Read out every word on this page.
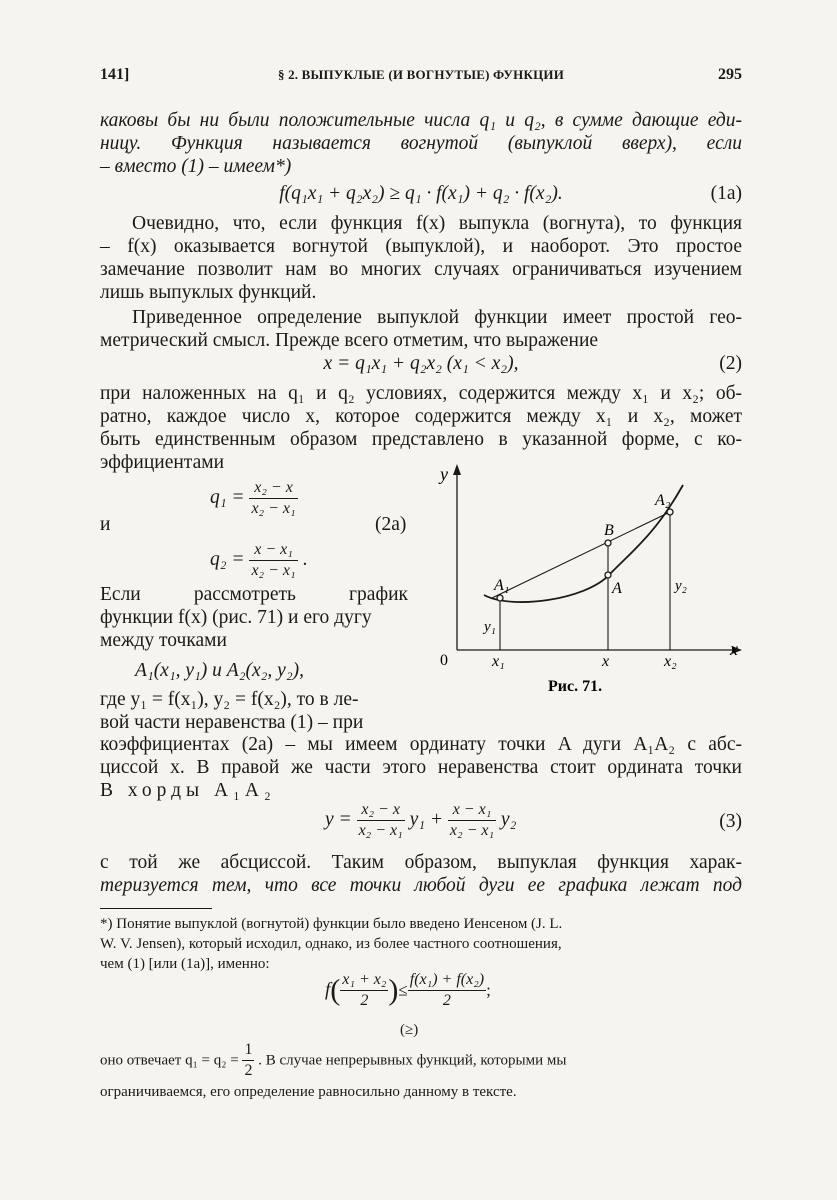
141]	§ 2. ВЫПУКЛЫЕ (И ВОГНУТЫЕ) ФУНКЦИИ	295
каковы бы ни были положительные числа q₁ и q₂, в сумме дающие еди-
ницу. Функция называется вогнутой (выпуклой вверх), если
– вместо (1) – имеем*)
f(q₁x₁ + q₂x₂) ≥ q₁ · f(x₁) + q₂ · f(x₂).	(1a)
Очевидно, что, если функция f(x) выпукла (вогнута), то функция
– f(x) оказывается вогнутой (выпуклой), и наоборот. Это простое
замечание позволит нам во многих случаях ограничиваться изучением
лишь выпуклых функций.
Приведенное определение выпуклой функции имеет простой гео-
метрический смысл. Прежде всего отметим, что выражение
x = q₁x₁ + q₂x₂ (x₁ < x₂),	(2)
при наложенных на q₁ и q₂ условиях, содержится между x₁ и x₂; об-
ратно, каждое число x, которое содержится между x₁ и x₂, может
быть единственным образом представлено в указанной форме, с ко-
эффициентами
$q_1 = \frac{\text{x₂ − x}}{\text{x₂ − x₁}}$
и	(2a)
$q_2 = \frac{\text{x − x₁}}{\text{x₂ − x₁}}$ .
Если рассмотреть график
функции f(x) (рис. 71) и его дугу
между точками
A₁(x₁, y₁) и A₂(x₂, y₂),
где y₁ = f(x₁), y₂ = f(x₂), то в ле-
вой части неравенства (1) – при
коэффициентах (2a) – мы имеем ординату точки A дуги A₁A₂ с абс-
циссой x. В правой же части этого неравенства стоит ордината точки
B хорды A₁A₂
$y = \frac{\text{x₂ − x}}{\text{x₂ − x₁}} y_1 + \frac{\text{x − x₁}}{\text{x₂ − x₁}} y_2$	(3)
с той же абсциссой. Таким образом, выпуклая функция харак-
теризуется тем, что все точки любой дуги ее графика лежат под
y
x
0	x₁	x	x₂
A₁
A₂
B
A
y₁
y₂
Рис. 71.
*) Понятие выпуклой (вогнутой) функции было введено Иенсеном (J. L.
W. V. Jensen), который исходил, однако, из более частного соотношения,
чем (1) [или (1a)], именно:
$f( \frac{\text{x₁ + x₂}}{2}$ )≤ $\frac{\text{f(x₁) + f(x₂)}}{2}$ ;
(≥)
оно отвечает $q_1 = q_2 = \frac{1}{2}$ . В случае непрерывных функций, которыми мы
ограничиваемся, его определение равносильно данному в тексте.
